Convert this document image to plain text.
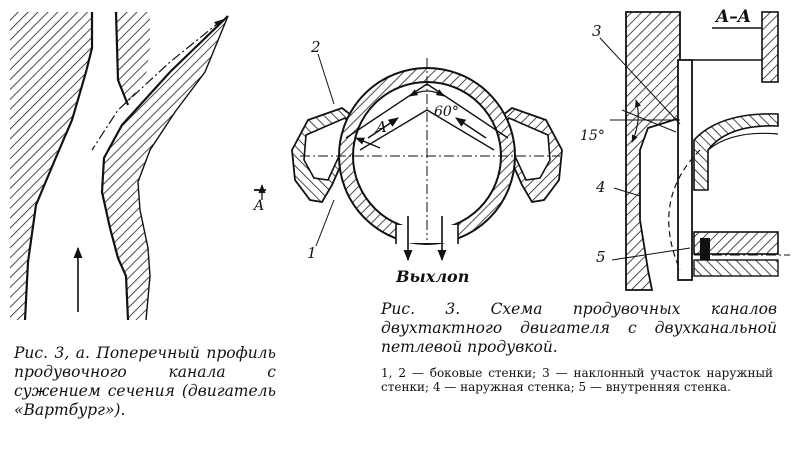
2
1
A
A
60°
Выхлоп
A–A
3
15°
4
5

Рис. 3, а. Поперечный профиль продувочного канала с сужением сечения (двигатель «Вартбург»).

Рис. 3. Схема продувочных каналов двухтактного двигателя с двухканальной петлевой продувкой.

1, 2 — боковые стенки; 3 — наклонный участок наружный стенки; 4 — наружная стенка; 5 — внутренняя стенка.
